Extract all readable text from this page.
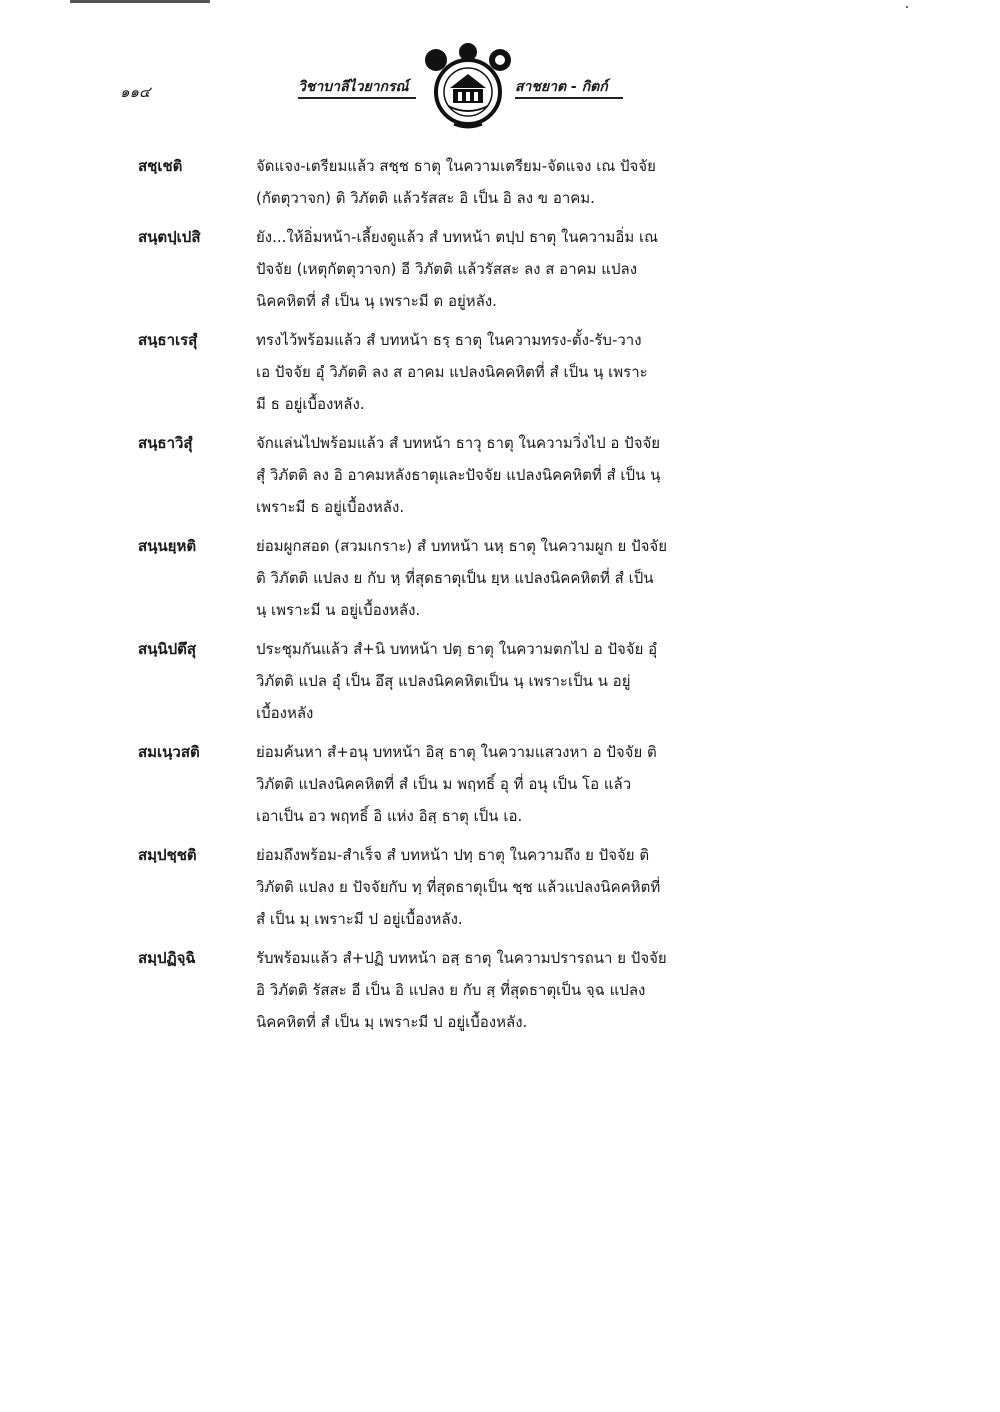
๑๑๔	วิชาบาลีไวยากรณ์	สาชยาต - กิตก์
สชฺเชติ	จัดแจง-เตรียมแล้ว สชฺช ธาตุ ในความเตรียม-จัดแจง เณ ปัจจัย
(กัตตุวาจก) ติ วิภัตติ แล้วรัสสะ อิ เป็น อิ ลง ข อาคม.
สนฺตปฺเปสิ	ยัง...ให้อิ่มหน้า-เลี้ยงดูแล้ว สํ บทหน้า ตปฺป ธาตุ ในความอิ่ม เณ
ปัจจัย (เหตุกัตตุวาจก) อี วิภัตติ แล้วรัสสะ ลง ส อาคม แปลง
นิคคหิตที่ สํ เป็น นฺ เพราะมี ต อยู่หลัง.
สนฺธาเรสุํ	ทรงไว้พร้อมแล้ว สํ บทหน้า ธรฺ ธาตุ ในความทรง-ตั้ง-รับ-วาง
เอ ปัจจัย อุํ วิภัตติ ลง ส อาคม แปลงนิคคหิตที่ สํ เป็น นฺ เพราะ
มี ธ อยู่เบื้องหลัง.
สนฺธาวิสุํ	จักแล่นไปพร้อมแล้ว สํ บทหน้า ธาวุ ธาตุ ในความวิ่งไป อ ปัจจัย
สุํ วิภัตติ ลง อิ อาคมหลังธาตุและปัจจัย แปลงนิคคหิตที่ สํ เป็น นฺ
เพราะมี ธ อยู่เบื้องหลัง.
สนฺนยฺหติ	ย่อมผูกสอด (สวมเกราะ) สํ บทหน้า นหฺ ธาตุ ในความผูก ย ปัจจัย
ติ วิภัตติ แปลง ย กับ หฺ ที่สุดธาตุเป็น ยฺห แปลงนิคคหิตที่ สํ เป็น
นฺ เพราะมี น อยู่เบื้องหลัง.
สนฺนิปตึสุ	ประชุมกันแล้ว สํ+นิ บทหน้า ปตฺ ธาตุ ในความตกไป อ ปัจจัย อุํ
วิภัตติ แปล อุํ เป็น อึสุ แปลงนิคคหิตเป็น นฺ เพราะเป็น น อยู่
เบื้องหลัง
สมเนฺวสติ	ย่อมค้นหา สํ+อนุ บทหน้า อิสฺ ธาตุ ในความแสวงหา อ ปัจจัย ติ
วิภัตติ แปลงนิคคหิตที่ สํ เป็น ม พฤทธิ์ อุ ที่ อนุ เป็น โอ แล้ว
เอาเป็น อว พฤทธิ์ อิ แห่ง อิสฺ ธาตุ เป็น เอ.
สมฺปชฺชติ	ย่อมถึงพร้อม-สำเร็จ สํ บทหน้า ปทฺ ธาตุ ในความถึง ย ปัจจัย ติ
วิภัตติ แปลง ย ปัจจัยกับ ทฺ ที่สุดธาตุเป็น ชฺช แล้วแปลงนิคคหิตที่
สํ เป็น มฺ เพราะมี ป อยู่เบื้องหลัง.
สมฺปฏิจฺฉิ	รับพร้อมแล้ว สํ+ปฏิ บทหน้า อสฺ ธาตุ ในความปรารถนา ย ปัจจัย
อิ วิภัตติ รัสสะ อี เป็น อิ แปลง ย กับ สฺ ที่สุดธาตุเป็น จฺฉ แปลง
นิคคหิตที่ สํ เป็น มฺ เพราะมี ป อยู่เบื้องหลัง.
